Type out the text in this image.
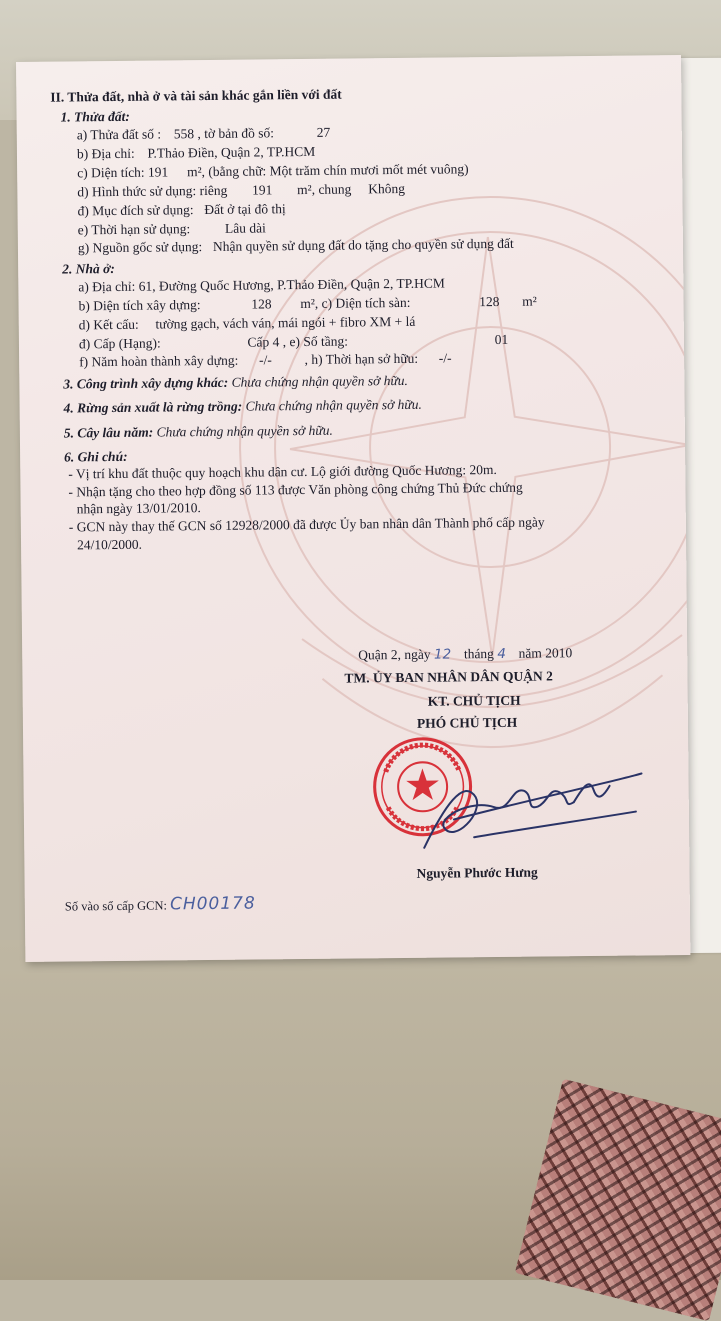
II. Thửa đất, nhà ở và tài sản khác gắn liền với đất
1. Thửa đất:
a) Thửa đất số : 558 , tờ bản đồ số:	27
b) Địa chỉ: P.Thảo Điền, Quận 2, TP.HCM
c) Diện tích: 191 m², (bằng chữ: Một trăm chín mươi mốt mét vuông)
d) Hình thức sử dụng: riêng 191 m², chung Không
đ) Mục đích sử dụng: Đất ở tại đô thị
e) Thời hạn sử dụng:	Lâu dài
g) Nguồn gốc sử dụng: Nhận quyền sử dụng đất do tặng cho quyền sử dụng đất
2. Nhà ở:
a) Địa chỉ: 61, Đường Quốc Hương, P.Thảo Điền, Quận 2, TP.HCM
b) Diện tích xây dựng:	128 m², c) Diện tích sàn:	128 m²
d) Kết cấu: tường gạch, vách ván, mái ngói + fibro XM + lá
đ) Cấp (Hạng):	Cấp 4 , e) Số tầng:	01
f) Năm hoàn thành xây dựng: -/- , h) Thời hạn sở hữu: -/-
3. Công trình xây dựng khác: Chưa chứng nhận quyền sở hữu.
4. Rừng sản xuất là rừng trồng: Chưa chứng nhận quyền sở hữu.
5. Cây lâu năm: Chưa chứng nhận quyền sở hữu.
6. Ghi chú:
- Vị trí khu đất thuộc quy hoạch khu dân cư. Lộ giới đường Quốc Hương: 20m.
- Nhận tặng cho theo hợp đồng số 113 được Văn phòng công chứng Thủ Đức chứng
nhận ngày 13/01/2010.
- GCN này thay thế GCN số 12928/2000 đã được Ủy ban nhân dân Thành phố cấp ngày
24/10/2000.
Quận 2, ngày 12 tháng 4 năm 2010
TM. ỦY BAN NHÂN DÂN QUẬN 2
KT. CHỦ TỊCH
PHÓ CHỦ TỊCH
Nguyễn Phước Hưng
Số vào sổ cấp GCN: CH00178
